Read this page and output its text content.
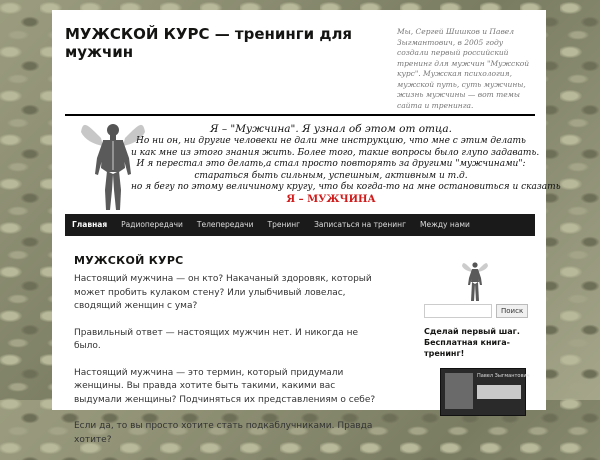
МУЖСКОЙ КУРС — тренинги для мужчин
Мы, Сергей Шишков и Павел Зыгмантович, в 2005 году создали первый российский тренинг для мужчин "Мужской курс". Мужская психология, мужской путь, суть мужчины, жизнь мужчины — вот темы сайта и тренинга.
Я – "Мужчина". Я узнал об этом от отца.
Но ни он, ни другие человеки не дали мне инструкцию, что мне с этим делать
и как мне из этого знания жить. Более того, такие вопросы было глупо задавать.
И я перестал это делать,а стал просто повторять за другими "мужчинами":
стараться быть сильным, успешным, активным и т.д.
но я бегу по этому величиному кругу, что бы когда-то на мне остановиться и сказать
Я – МУЖЧИНА
Главная	Радиопередачи	Телепередачи	Тренинг	Записаться на тренинг	Между нами
МУЖСКОЙ КУРС

Настоящий мужчина — он кто? Накачаный здоровяк, который может пробить кулаком стену? Или улыбчивый ловелас, сводящий женщин с ума?

Правильный ответ — настоящих мужчин нет. И никогда не было.

Настоящий мужчина — это термин, который придумали женщины. Вы правда хотите быть такими, какими вас выдумали женщины? Подчиняться их представлениям о себе?

Если да, то вы просто хотите стать подкаблучниками. Правда хотите?

Поиск
Сделай первый шаг. Бесплатная книга-тренинг!
Павел Зыгмантович
